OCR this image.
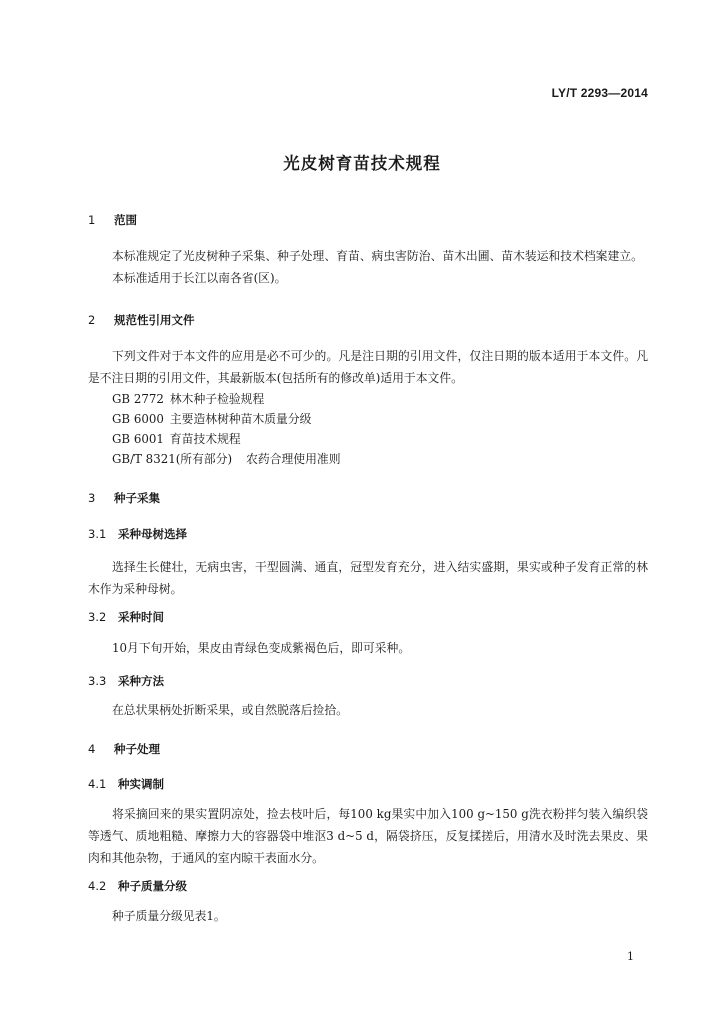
LY/T 2293—2014
光皮树育苗技术规程
1 范围
本标准规定了光皮树种子采集、种子处理、育苗、病虫害防治、苗木出圃、苗木装运和技术档案建立。
本标准适用于长江以南各省(区)。
2 规范性引用文件
下列文件对于本文件的应用是必不可少的。凡是注日期的引用文件，仅注日期的版本适用于本文件。凡是不注日期的引用文件，其最新版本(包括所有的修改单)适用于本文件。
GB 2772 林木种子检验规程
GB 6000 主要造林树种苗木质量分级
GB 6001 育苗技术规程
GB/T 8321(所有部分) 农药合理使用准则
3 种子采集
3.1 采种母树选择
选择生长健壮，无病虫害，干型圆满、通直，冠型发育充分，进入结实盛期，果实或种子发育正常的林木作为采种母树。
3.2 采种时间
10月下旬开始，果皮由青绿色变成紫褐色后，即可采种。
3.3 采种方法
在总状果柄处折断采果，或自然脱落后捡拾。
4 种子处理
4.1 种实调制
将采摘回来的果实置阴凉处，捡去枝叶后，每100 kg果实中加入100 g~150 g洗衣粉拌匀装入编织袋等透气、质地粗糙、摩擦力大的容器袋中堆沤3 d~5 d，隔袋挤压，反复揉搓后，用清水及时洗去果皮、果肉和其他杂物，于通风的室内晾干表面水分。
4.2 种子质量分级
种子质量分级见表1。
1
